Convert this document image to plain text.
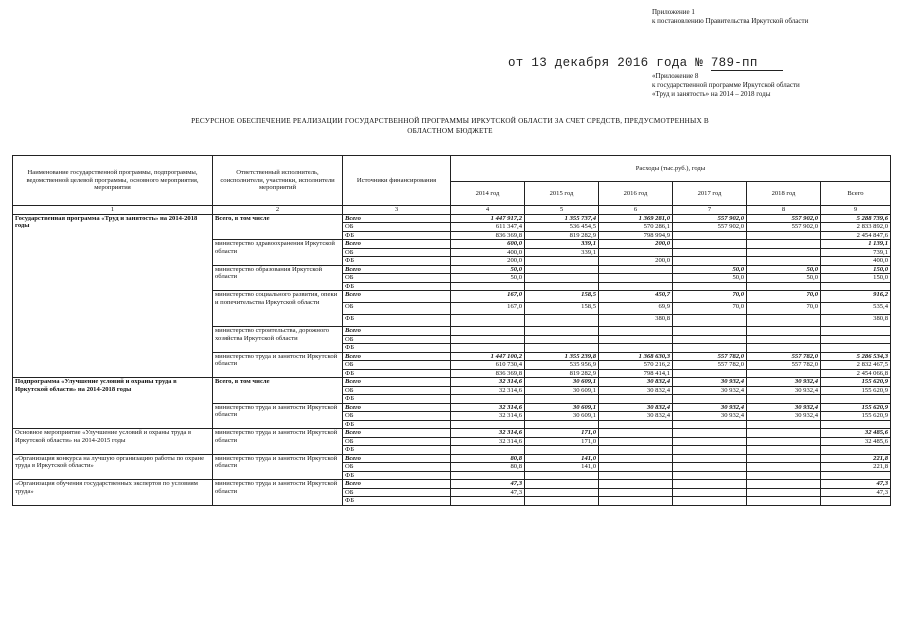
Приложение 1
к постановлению Правительства Иркутской области
от 13 декабря 2016 года № 789-пп
«Приложение 8
к государственной программе Иркутской области
«Труд и занятость» на 2014 – 2018 годы
РЕСУРСНОЕ ОБЕСПЕЧЕНИЕ РЕАЛИЗАЦИИ ГОСУДАРСТВЕННОЙ ПРОГРАММЫ ИРКУТСКОЙ ОБЛАСТИ ЗА СЧЕТ СРЕДСТВ, ПРЕДУСМОТРЕННЫХ В
ОБЛАСТНОМ БЮДЖЕТЕ
Наименование государственной программы, подпрограммы, ведомственной целевой программы, основного мероприятия, мероприятия	Ответственный исполнитель, соисполнители, участники, исполнители мероприятий	Источники финансирования	Расходы (тыс.руб.), годы					
			2014 год	2015 год	2016 год	2017 год	2018 год	Всего
1	2	3	4	5	6	7	8	9
Государственная программа «Труд и занятость» на 2014-2018 годы	Всего, в том числе	Всего	1 447 917,2	1 355 737,4	1 369 281,0	557 902,0	557 902,0	5 288 739,6
		ОБ	611 347,4	536 454,5	570 286,1	557 902,0	557 902,0	2 833 892,0
		ФБ	836 369,8	819 282,9	798 994,9			2 454 847,6
	министерство здравоохранения Иркутской области	Всего	600,0	339,1	200,0			1 139,1
		ОБ	400,0	339,1				739,1
		ФБ	200,0		200,0			400,0
	министерство образования Иркутской области	Всего	50,0			50,0	50,0	150,0
		ОБ	50,0			50,0	50,0	150,0
		ФБ						
	министерство социального развития, опеки и попечительства Иркутской области	Всего	167,0	158,5	450,7	70,0	70,0	916,2
		ОБ	167,0	158,5	69,9	70,0	70,0	535,4
		ФБ			380,8			380,8
	министерство строительства, дорожного хозяйства Иркутской области	Всего						
		ОБ						
		ФБ						
	министерство труда и занятости Иркутской области	Всего	1 447 100,2	1 355 239,8	1 368 630,3	557 782,0	557 782,0	5 286 534,3
		ОБ	610 730,4	535 956,9	570 216,2	557 782,0	557 782,0	2 832 467,5
		ФБ	836 369,8	819 282,9	798 414,1			2 454 066,8
Подпрограмма «Улучшение условий и охраны труда в Иркутской области» на 2014-2018 годы	Всего, в том числе	Всего	32 314,6	30 609,1	30 832,4	30 932,4	30 932,4	155 620,9
		ОБ	32 314,6	30 609,1	30 832,4	30 932,4	30 932,4	155 620,9
		ФБ						
	министерство труда и занятости Иркутской области	Всего	32 314,6	30 609,1	30 832,4	30 932,4	30 932,4	155 620,9
		ОБ	32 314,6	30 609,1	30 832,4	30 932,4	30 932,4	155 620,9
		ФБ						
Основное мероприятие «Улучшение условий и охраны труда в Иркутской области» на 2014-2015 годы	министерство труда и занятости Иркутской области	Всего	32 314,6	171,0				32 485,6
		ОБ	32 314,6	171,0				32 485,6
		ФБ						
«Организация конкурса на лучшую организацию работы по охране труда в Иркутской области»	министерство труда и занятости Иркутской области	Всего	80,8	141,0				221,8
		ОБ	80,8	141,0				221,8
		ФБ						
«Организация обучения государственных экспертов по условиям труда»	министерство труда и занятости Иркутской области	Всего	47,3					47,3
		ОБ	47,3					47,3
		ФБ						
